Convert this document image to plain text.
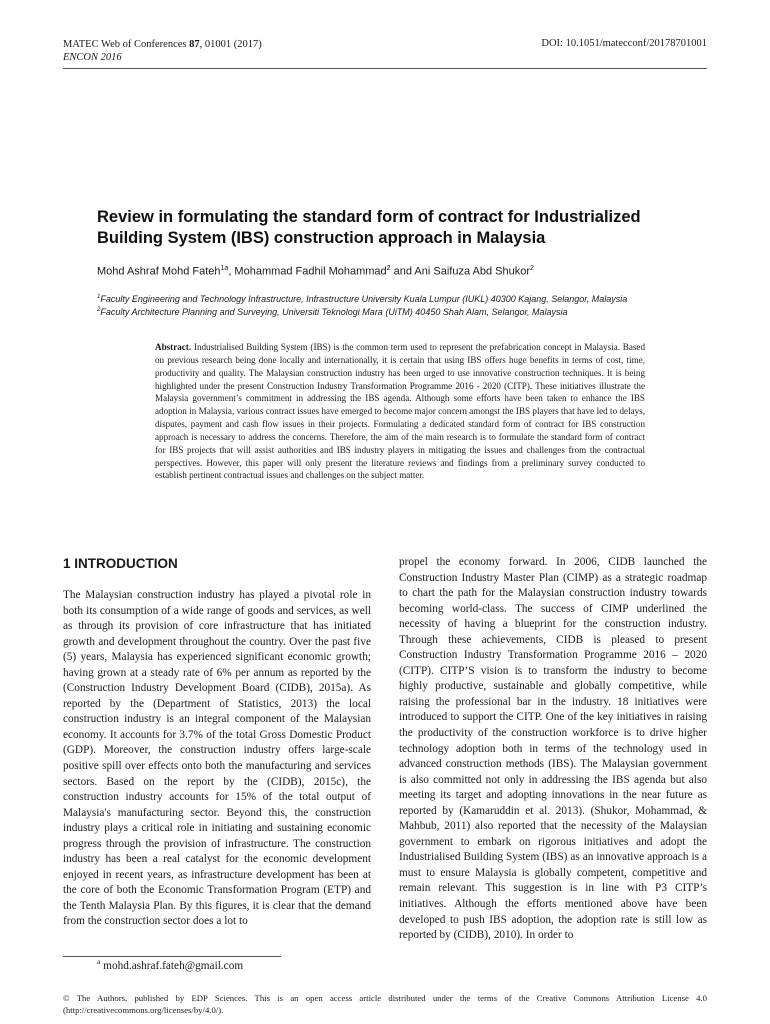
MATEC Web of Conferences 87, 01001 (2017)
ENCON 2016
DOI: 10.1051/matecconf/20178701001
Review in formulating the standard form of contract for Industrialized Building System (IBS) construction approach in Malaysia
Mohd Ashraf Mohd Fateh$^{1a}$, Mohammad Fadhil Mohammad$^2$ and Ani Saifuza Abd Shukor$^2$
$^1$Faculty Engineering and Technology Infrastructure, Infrastructure University Kuala Lumpur (IUKL) 40300 Kajang, Selangor, Malaysia
$^2$Faculty Architecture Planning and Surveying, Universiti Teknologi Mara (UiTM) 40450 Shah Alam, Selangor, Malaysia
Abstract. Industrialised Building System (IBS) is the common term used to represent the prefabrication concept in Malaysia. Based on previous research being done locally and internationally, it is certain that using IBS offers huge benefits in terms of cost, time, productivity and quality. The Malaysian construction industry has been urged to use innovative construction techniques. It is being highlighted under the present Construction Industry Transformation Programme 2016 - 2020 (CITP). These initiatives illustrate the Malaysia government’s commitment in addressing the IBS agenda. Although some efforts have been taken to enhance the IBS adoption in Malaysia, various contract issues have emerged to become major concern amongst the IBS players that have led to delays, disputes, payment and cash flow issues in their projects. Formulating a dedicated standard form of contract for IBS construction approach is necessary to address the concerns. Therefore, the aim of the main research is to formulate the standard form of contract for IBS projects that will assist authorities and IBS industry players in mitigating the issues and challenges from the contractual perspectives. However, this paper will only present the literature reviews and findings from a preliminary survey conducted to establish pertinent contractual issues and challenges on the subject matter.
1 INTRODUCTION

The Malaysian construction industry has played a pivotal role in both its consumption of a wide range of goods and services, as well as through its provision of core infrastructure that has initiated growth and development throughout the country. Over the past five (5) years, Malaysia has experienced significant economic growth; having grown at a steady rate of 6% per annum as reported by the (Construction Industry Development Board (CIDB), 2015a). As reported by the (Department of Statistics, 2013) the local construction industry is an integral component of the Malaysian economy. It accounts for 3.7% of the total Gross Domestic Product (GDP). Moreover, the construction industry offers large-scale positive spill over effects onto both the manufacturing and services sectors. Based on the report by the (CIDB), 2015c), the construction industry accounts for 15% of the total output of Malaysia's manufacturing sector. Beyond this, the construction industry plays a critical role in initiating and sustaining economic progress through the provision of infrastructure. The construction industry has been a real catalyst for the economic development enjoyed in recent years, as infrastructure development has been at the core of both the Economic Transformation Program (ETP) and the Tenth Malaysia Plan. By this figures, it is clear that the demand from the construction sector does a lot to

propel the economy forward. In 2006, CIDB launched the Construction Industry Master Plan (CIMP) as a strategic roadmap to chart the path for the Malaysian construction industry towards becoming world-class. The success of CIMP underlined the necessity of having a blueprint for the construction industry. Through these achievements, CIDB is pleased to present Construction Industry Transformation Programme 2016 – 2020 (CITP). CITP’S vision is to transform the industry to become highly productive, sustainable and globally competitive, while raising the professional bar in the industry. 18 initiatives were introduced to support the CITP. One of the key initiatives in raising the productivity of the construction workforce is to drive higher technology adoption both in terms of the technology used in advanced construction methods (IBS). The Malaysian government is also committed not only in addressing the IBS agenda but also meeting its target and adopting innovations in the near future as reported by (Kamaruddin et al. 2013). (Shukor, Mohammad, & Mahbub, 2011) also reported that the necessity of the Malaysian government to embark on rigorous initiatives and adopt the Industrialised Building System (IBS) as an innovative approach is a must to ensure Malaysia is globally competent, competitive and remain relevant. This suggestion is in line with P3 CITP’s initiatives. Although the efforts mentioned above have been developed to push IBS adoption, the adoption rate is still low as reported by (CIDB), 2010). In order to

$^a$ mohd.ashraf.fateh@gmail.com
© The Authors, published by EDP Sciences. This is an open access article distributed under the terms of the Creative Commons Attribution License 4.0 (http://creativecommons.org/licenses/by/4.0/).
